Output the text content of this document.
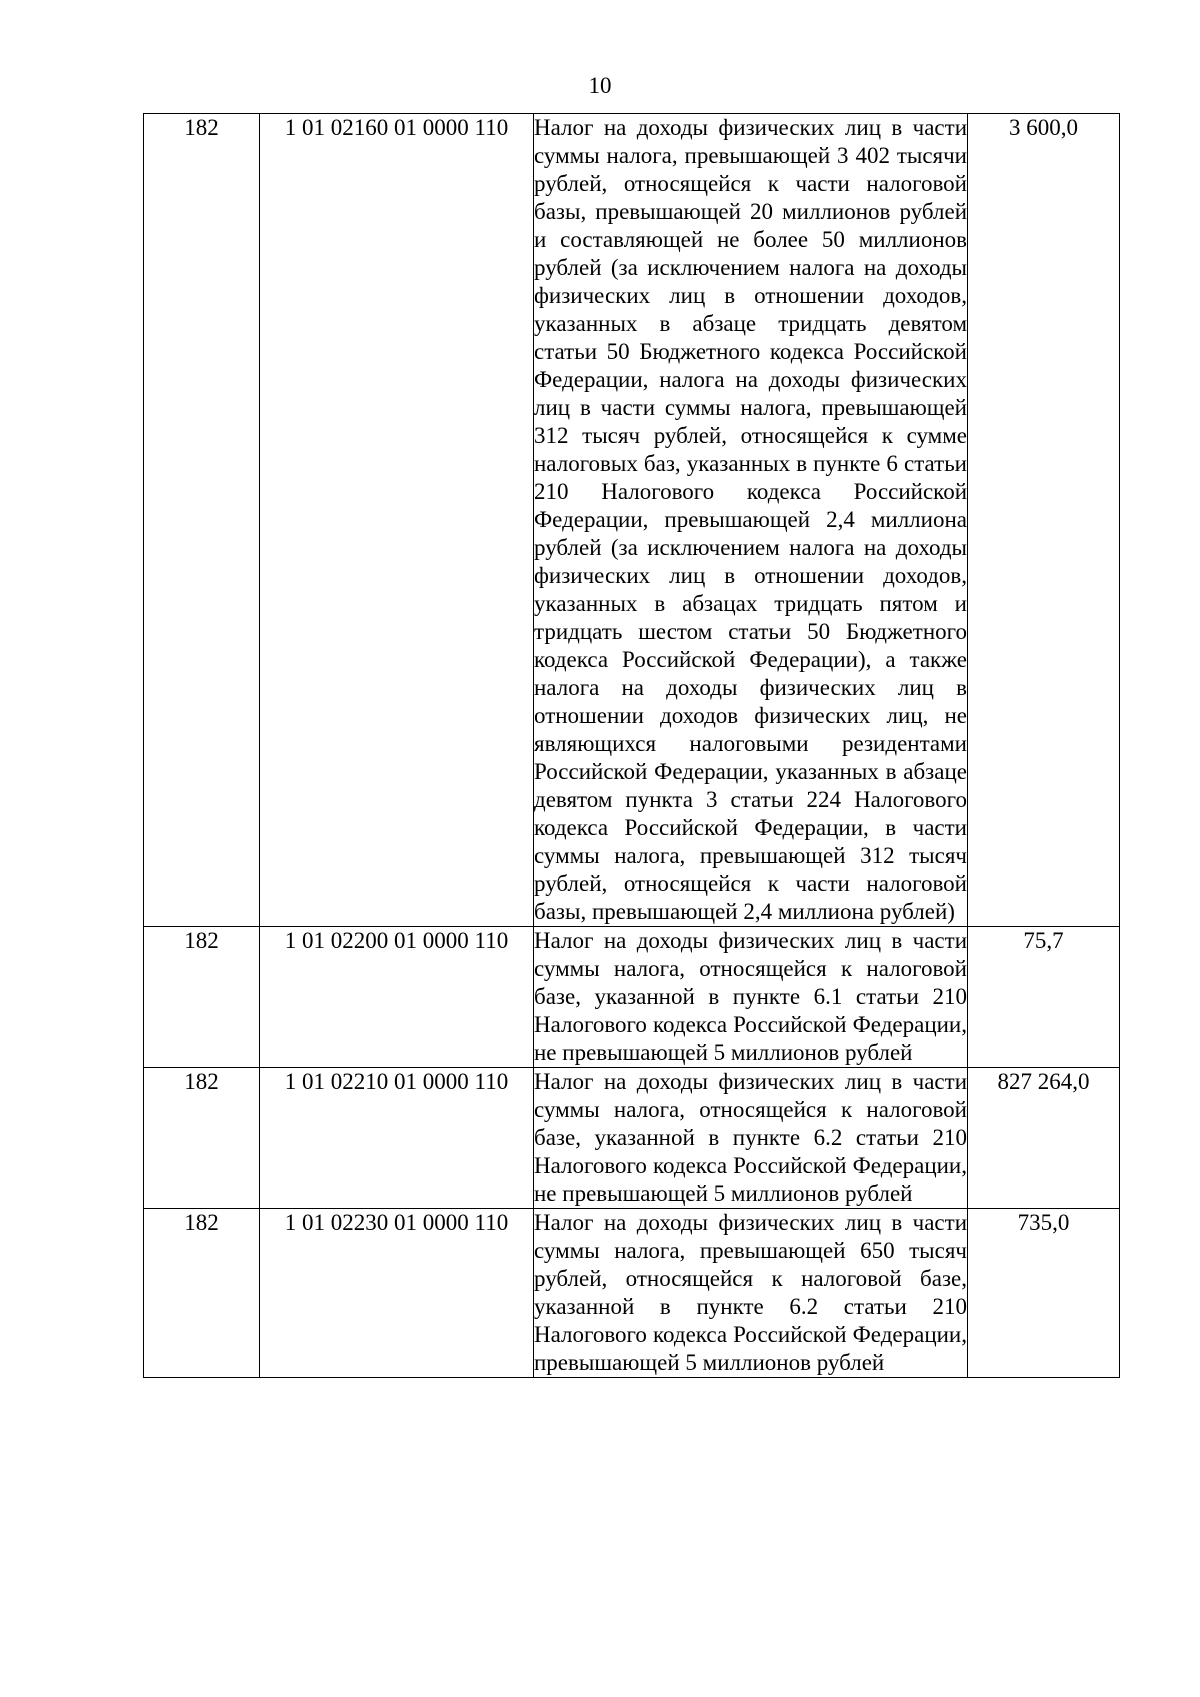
10
182	1 01 02160 01 0000 110	Налог на доходы физических лиц в части суммы налога, превышающей 3 402 тысячи рублей, относящейся к части налоговой базы, превышающей 20 миллионов рублей и составляющей не более 50 миллионов рублей (за исключением налога на доходы физических лиц в отношении доходов, указанных в абзаце тридцать девятом статьи 50 Бюджетного кодекса Российской Федерации, налога на доходы физических лиц в части суммы налога, превышающей 312 тысяч рублей, относящейся к сумме налоговых баз, указанных в пункте 6 статьи 210 Налогового кодекса Российской Федерации, превышающей 2,4 миллиона рублей (за исключением налога на доходы физических лиц в отношении доходов, указанных в абзацах тридцать пятом и тридцать шестом статьи 50 Бюджетного кодекса Российской Федерации), а также налога на доходы физических лиц в отношении доходов физических лиц, не являющихся налоговыми резидентами Российской Федерации, указанных в абзаце девятом пункта 3 статьи 224 Налогового кодекса Российской Федерации, в части суммы налога, превышающей 312 тысяч рублей, относящейся к части налоговой базы, превышающей 2,4 миллиона рублей)	3 600,0
182	1 01 02200 01 0000 110	Налог на доходы физических лиц в части суммы налога, относящейся к налоговой базе, указанной в пункте 6.1 статьи 210 Налогового кодекса Российской Федерации, не превышающей 5 миллионов рублей	75,7
182	1 01 02210 01 0000 110	Налог на доходы физических лиц в части суммы налога, относящейся к налоговой базе, указанной в пункте 6.2 статьи 210 Налогового кодекса Российской Федерации, не превышающей 5 миллионов рублей	827 264,0
182	1 01 02230 01 0000 110	Налог на доходы физических лиц в части суммы налога, превышающей 650 тысяч рублей, относящейся к налоговой базе, указанной в пункте 6.2 статьи 210 Налогового кодекса Российской Федерации, превышающей 5 миллионов рублей	735,0
